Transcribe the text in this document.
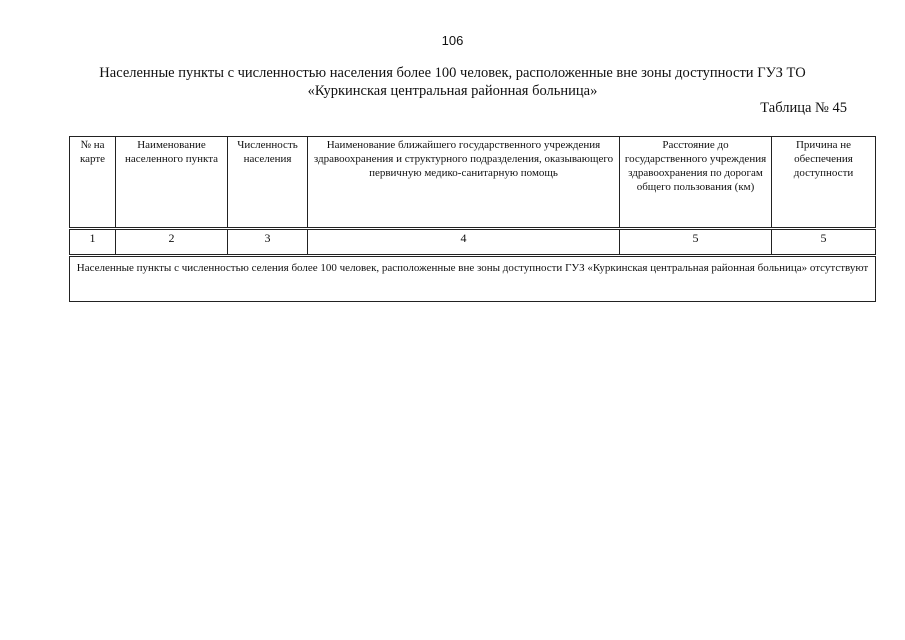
106
Населенные пункты с численностью населения более 100 человек, расположенные вне зоны доступности ГУЗ ТО «Куркинская центральная районная больница»
Таблица № 45
№ на карте	Наименование населенного пункта	Численность населения	Наименование ближайшего государственного учреждения здравоохранения и структурного подразделения, оказывающего первичную медико-санитарную помощь	Расстояние до государственного учреждения здравоохранения по дорогам общего пользования (км)	Причина не обеспечения доступности
1	2	3	4	5	5
Населенные пункты с численностью селения более 100 человек, расположенные вне зоны доступности ГУЗ «Куркинская центральная районная больница» отсутствуют					
